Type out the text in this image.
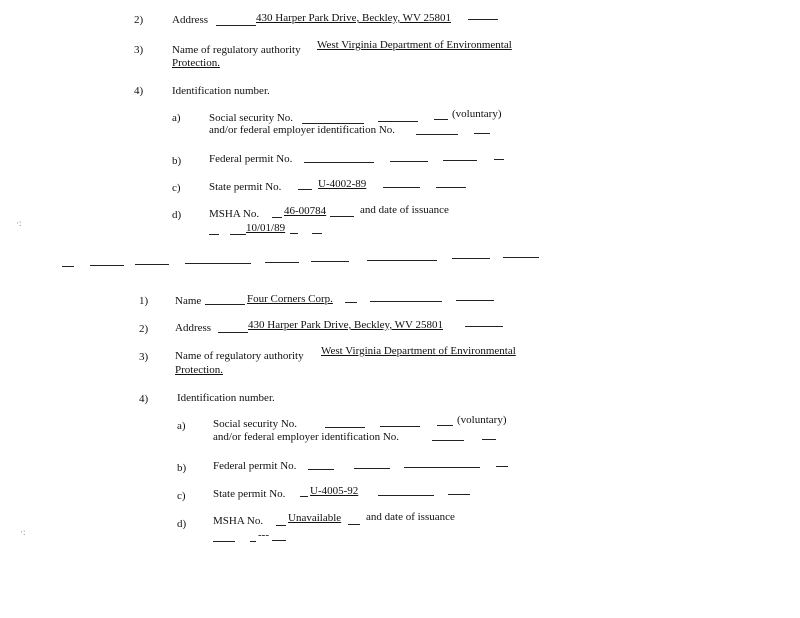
2)	Address	430 Harper Park Drive, Beckley, WV 25801
3)	Name of regulatory authority West Virginia Department of Environmental
Protection.
4)	Identification number.
a)	Social security No.	(voluntary)
and/or federal employer identification No.
b)	Federal permit No.
c)	State permit No.	U-4002-89
d)	MSHA No. 46-00784	and date of issuance
10/01/89
1) Name	Four Corners Corp.
2) Address	430 Harper Park Drive, Beckley, WV 25801
3) Name of regulatory authority West Virginia Department of Environmental
Protection.
4)	Identification number.
a) Social security No.	(voluntary)
and/or federal employer identification No.
b) Federal permit No.
c) State permit No. U-4005-92
d) MSHA No. Unavailable and date of issuance
---
·:
·:
